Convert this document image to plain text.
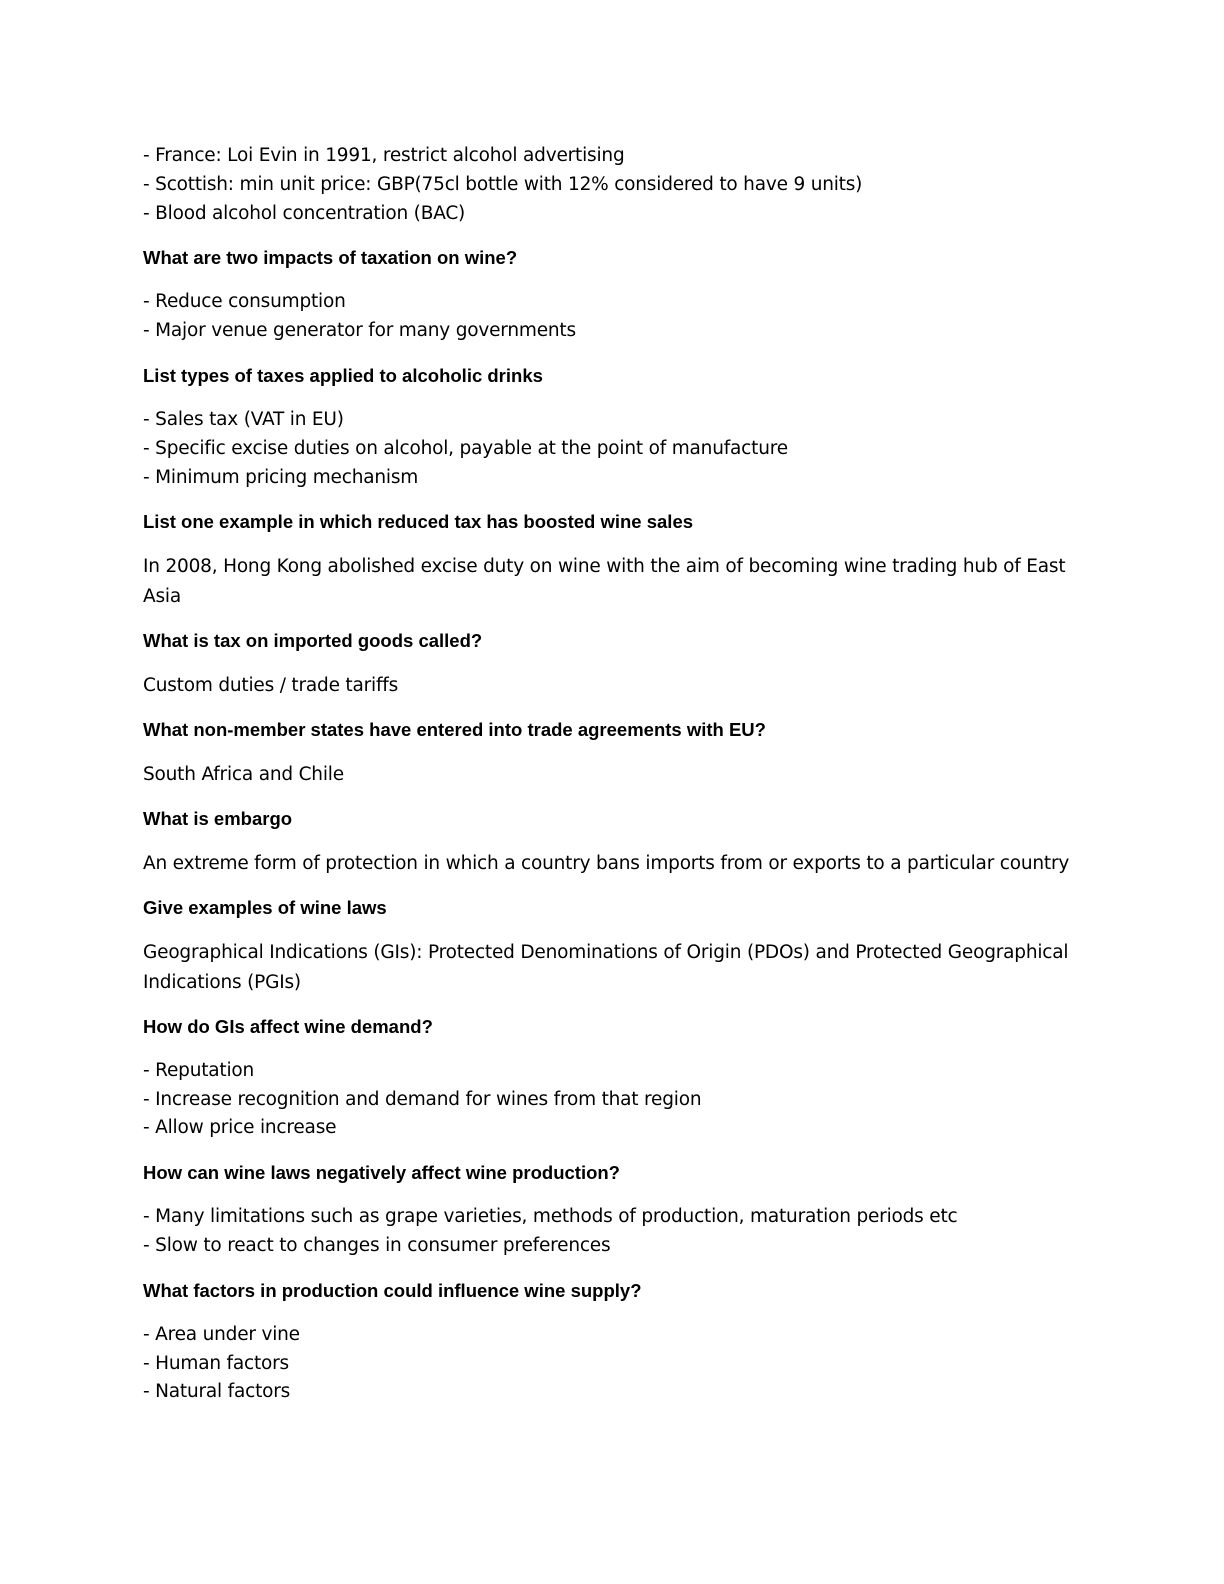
- France: Loi Evin in 1991, restrict alcohol advertising

- Scottish: min unit price: GBP(75cl bottle with 12% considered to have 9 units)

- Blood alcohol concentration (BAC)

What are two impacts of taxation on wine?

- Reduce consumption

- Major venue generator for many governments

List types of taxes applied to alcoholic drinks

- Sales tax (VAT in EU)

- Specific excise duties on alcohol, payable at the point of manufacture

- Minimum pricing mechanism

List one example in which reduced tax has boosted wine sales

In 2008, Hong Kong abolished excise duty on wine with the aim of becoming wine trading hub of East Asia

What is tax on imported goods called?

Custom duties / trade tariffs

What non-member states have entered into trade agreements with EU?

South Africa and Chile

What is embargo

An extreme form of protection in which a country bans imports from or exports to a particular country

Give examples of wine laws

Geographical Indications (GIs): Protected Denominations of Origin (PDOs) and Protected Geographical Indications (PGIs)

How do GIs affect wine demand?

- Reputation

- Increase recognition and demand for wines from that region

- Allow price increase

How can wine laws negatively affect wine production?

- Many limitations such as grape varieties, methods of production, maturation periods etc

- Slow to react to changes in consumer preferences

What factors in production could influence wine supply?

- Area under vine

- Human factors

- Natural factors
